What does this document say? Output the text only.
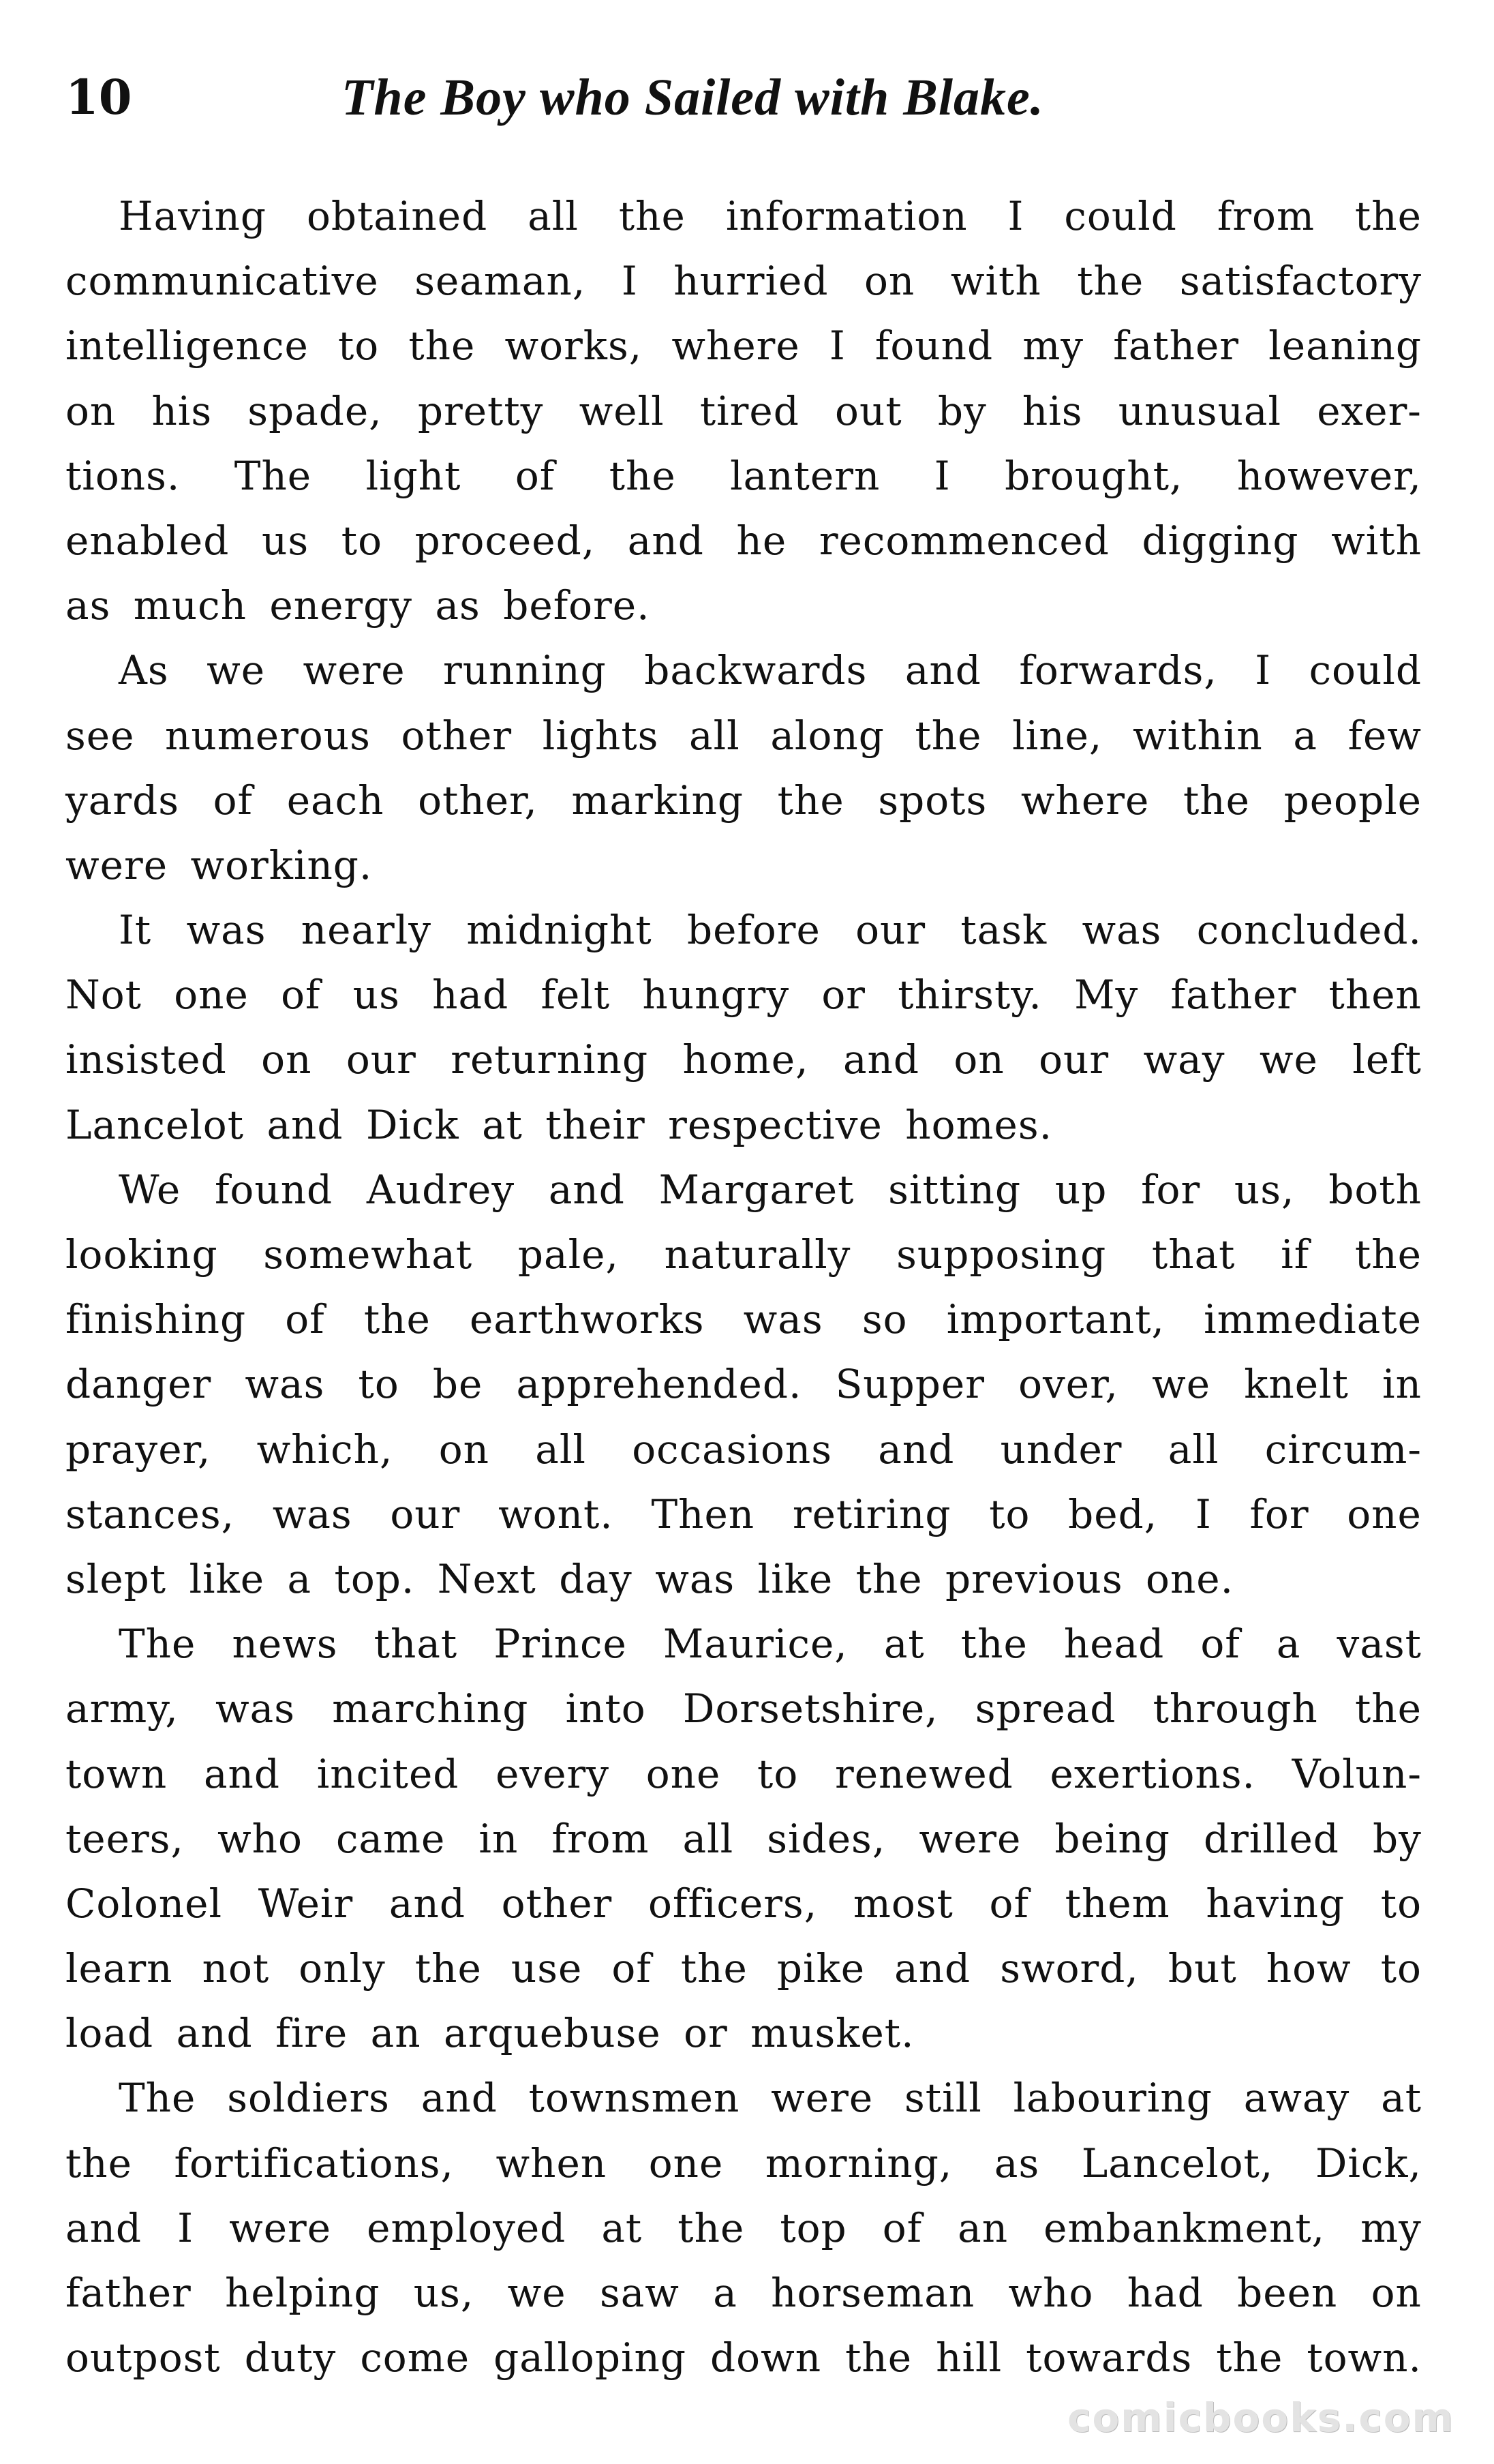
10	The Boy who Sailed with Blake.
Having obtained all the information I could from the
communicative seaman, I hurried on with the satisfactory
intelligence to the works, where I found my father leaning
on his spade, pretty well tired out by his unusual exer-
tions. The light of the lantern I brought, however,
enabled us to proceed, and he recommenced digging with
as much energy as before.
As we were running backwards and forwards, I could
see numerous other lights all along the line, within a few
yards of each other, marking the spots where the people
were working.
It was nearly midnight before our task was concluded.
Not one of us had felt hungry or thirsty. My father then
insisted on our returning home, and on our way we left
Lancelot and Dick at their respective homes.
We found Audrey and Margaret sitting up for us, both
looking somewhat pale, naturally supposing that if the
finishing of the earthworks was so important, immediate
danger was to be apprehended. Supper over, we knelt in
prayer, which, on all occasions and under all circum-
stances, was our wont. Then retiring to bed, I for one
slept like a top. Next day was like the previous one.
The news that Prince Maurice, at the head of a vast
army, was marching into Dorsetshire, spread through the
town and incited every one to renewed exertions. Volun-
teers, who came in from all sides, were being drilled by
Colonel Weir and other officers, most of them having to
learn not only the use of the pike and sword, but how to
load and fire an arquebuse or musket.
The soldiers and townsmen were still labouring away at
the fortifications, when one morning, as Lancelot, Dick,
and I were employed at the top of an embankment, my
father helping us, we saw a horseman who had been on
outpost duty come galloping down the hill towards the town.
comicbooks.com
